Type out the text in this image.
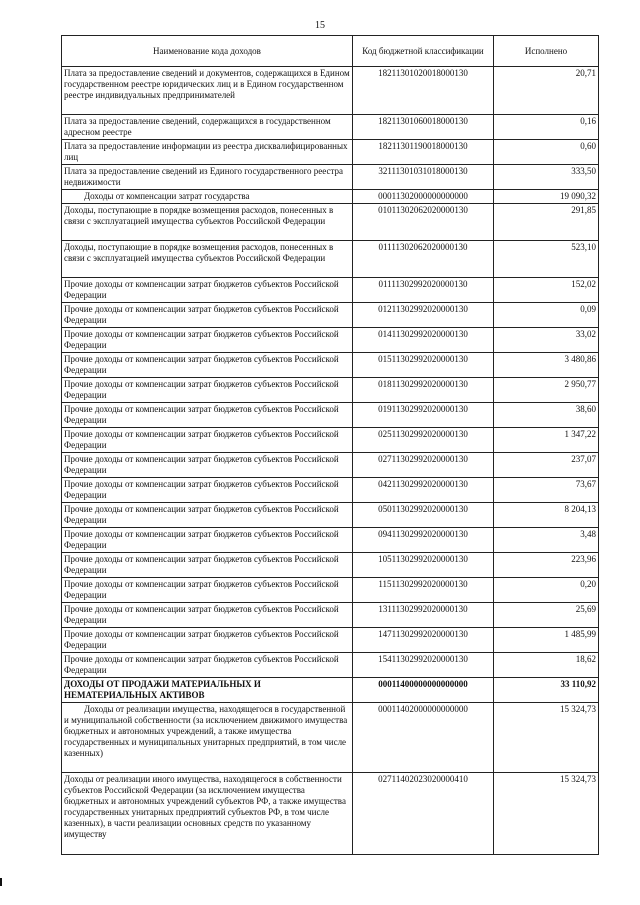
15
Наименование кода доходов	Код бюджетной классификации	Исполнено
Плата за предоставление сведений и документов, содержащихся в Едином государственном реестре юридических лиц и в Едином государственном реестре индивидуальных предпринимателей	18211301020018000130	20,71
Плата за предоставление сведений, содержащихся в государственном адресном реестре	18211301060018000130	0,16
Плата за предоставление информации из реестра дисквалифицированных лиц	18211301190018000130	0,60
Плата за предоставление сведений из Единого государственного реестра недвижимости	32111301031018000130	333,50
Доходы от компенсации затрат государства	00011302000000000000	19 090,32
Доходы, поступающие в порядке возмещения расходов, понесенных в связи с эксплуатацией имущества субъектов Российской Федерации	01011302062020000130	291,85
Доходы, поступающие в порядке возмещения расходов, понесенных в связи с эксплуатацией имущества субъектов Российской Федерации	01111302062020000130	523,10
Прочие доходы от компенсации затрат бюджетов субъектов Российской Федерации	01111302992020000130	152,02
Прочие доходы от компенсации затрат бюджетов субъектов Российской Федерации	01211302992020000130	0,09
Прочие доходы от компенсации затрат бюджетов субъектов Российской Федерации	01411302992020000130	33,02
Прочие доходы от компенсации затрат бюджетов субъектов Российской Федерации	01511302992020000130	3 480,86
Прочие доходы от компенсации затрат бюджетов субъектов Российской Федерации	01811302992020000130	2 950,77
Прочие доходы от компенсации затрат бюджетов субъектов Российской Федерации	01911302992020000130	38,60
Прочие доходы от компенсации затрат бюджетов субъектов Российской Федерации	02511302992020000130	1 347,22
Прочие доходы от компенсации затрат бюджетов субъектов Российской Федерации	02711302992020000130	237,07
Прочие доходы от компенсации затрат бюджетов субъектов Российской Федерации	04211302992020000130	73,67
Прочие доходы от компенсации затрат бюджетов субъектов Российской Федерации	05011302992020000130	8 204,13
Прочие доходы от компенсации затрат бюджетов субъектов Российской Федерации	09411302992020000130	3,48
Прочие доходы от компенсации затрат бюджетов субъектов Российской Федерации	10511302992020000130	223,96
Прочие доходы от компенсации затрат бюджетов субъектов Российской Федерации	11511302992020000130	0,20
Прочие доходы от компенсации затрат бюджетов субъектов Российской Федерации	13111302992020000130	25,69
Прочие доходы от компенсации затрат бюджетов субъектов Российской Федерации	14711302992020000130	1 485,99
Прочие доходы от компенсации затрат бюджетов субъектов Российской Федерации	15411302992020000130	18,62
ДОХОДЫ ОТ ПРОДАЖИ МАТЕРИАЛЬНЫХ И НЕМАТЕРИАЛЬНЫХ АКТИВОВ	00011400000000000000	33 110,92
Доходы от реализации имущества, находящегося в государственной и муниципальной собственности (за исключением движимого имущества бюджетных и автономных учреждений, а также имущества государственных и муниципальных унитарных предприятий, в том числе казенных)	00011402000000000000	15 324,73
Доходы от реализации иного имущества, находящегося в собственности субъектов Российской Федерации (за исключением имущества бюджетных и автономных учреждений субъектов РФ, а также имущества государственных унитарных предприятий субъектов РФ, в том числе казенных), в части реализации основных средств по указанному имуществу	02711402023020000410	15 324,73
